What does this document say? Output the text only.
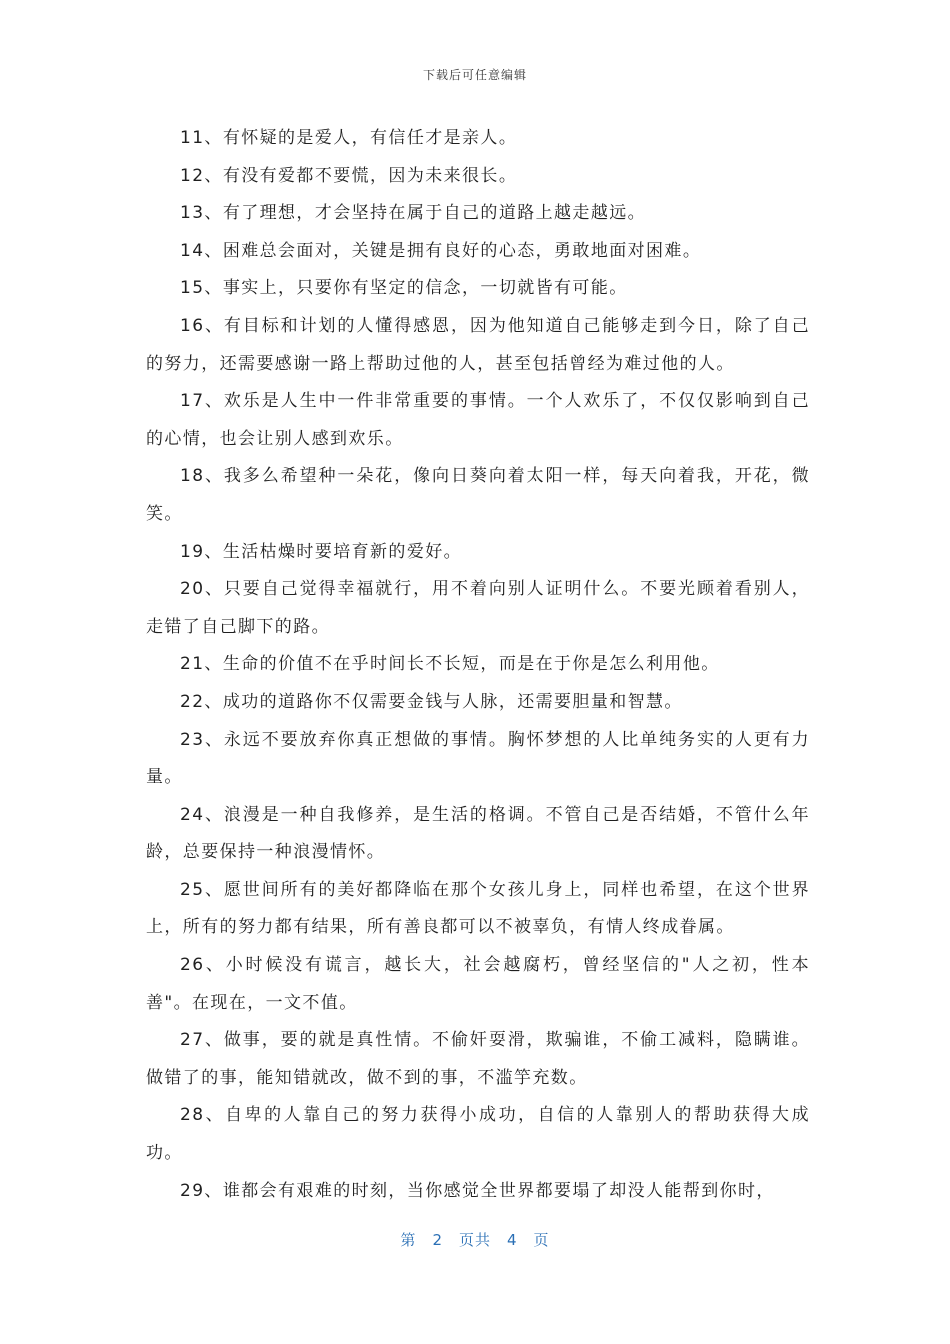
下载后可任意编辑

11、有怀疑的是爱人，有信任才是亲人。

12、有没有爱都不要慌，因为未来很长。

13、有了理想，才会坚持在属于自己的道路上越走越远。

14、困难总会面对，关键是拥有良好的心态，勇敢地面对困难。

15、事实上，只要你有坚定的信念，一切就皆有可能。

16、有目标和计划的人懂得感恩，因为他知道自己能够走到今日，除了自己的努力，还需要感谢一路上帮助过他的人，甚至包括曾经为难过他的人。

17、欢乐是人生中一件非常重要的事情。一个人欢乐了，不仅仅影响到自己的心情，也会让别人感到欢乐。

18、我多么希望种一朵花，像向日葵向着太阳一样，每天向着我，开花，微笑。

19、生活枯燥时要培育新的爱好。

20、只要自己觉得幸福就行，用不着向别人证明什么。不要光顾着看别人，走错了自己脚下的路。

21、生命的价值不在乎时间长不长短，而是在于你是怎么利用他。

22、成功的道路你不仅需要金钱与人脉，还需要胆量和智慧。

23、永远不要放弃你真正想做的事情。胸怀梦想的人比单纯务实的人更有力量。

24、浪漫是一种自我修养，是生活的格调。不管自己是否结婚，不管什么年龄，总要保持一种浪漫情怀。

25、愿世间所有的美好都降临在那个女孩儿身上，同样也希望，在这个世界上，所有的努力都有结果，所有善良都可以不被辜负，有情人终成眷属。

26、小时候没有谎言，越长大，社会越腐朽，曾经坚信的"人之初，性本善"。在现在，一文不值。

27、做事，要的就是真性情。不偷奸耍滑，欺骗谁，不偷工减料，隐瞒谁。做错了的事，能知错就改，做不到的事，不滥竽充数。

28、自卑的人靠自己的努力获得小成功，自信的人靠别人的帮助获得大成功。

29、谁都会有艰难的时刻，当你感觉全世界都要塌了却没人能帮到你时，

第 2 页共 4 页
